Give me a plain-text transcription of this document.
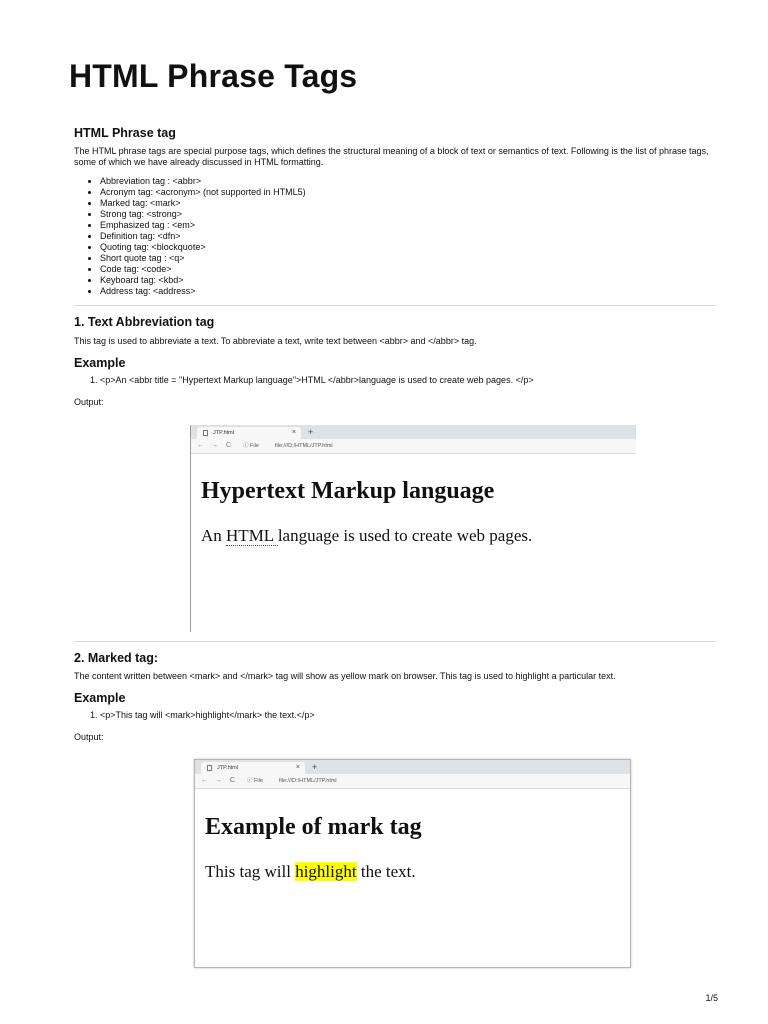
HTML Phrase Tags
HTML Phrase tag

The HTML phrase tags are special purpose tags, which defines the structural meaning of a block of text or semantics of text. Following is the list of phrase tags, some of which we have already discussed in HTML formatting.

• Abbreviation tag : <abbr>
• Acronym tag: <acronym> (not supported in HTML5)
• Marked tag: <mark>
• Strong tag: <strong>
• Emphasized tag : <em>
• Definition tag: <dfn>
• Quoting tag: <blockquote>
• Short quote tag : <q>
• Code tag: <code>
• Keyboard tag: <kbd>
• Address tag: <address>
1. Text Abbreviation tag

This tag is used to abbreviate a text. To abbreviate a text, write text between <abbr> and </abbr> tag.

Example
1. <p>An <abbr title = "Hypertext Markup language">HTML </abbr>language is used to create web pages. </p>

Output:

JTP.html	× +
← → C ⓘ File	file:///D:/HTML/JTP.html
Hypertext Markup language

An HTML language is used to create web pages.

2. Marked tag:

The content written between <mark> and </mark> tag will show as yellow mark on browser. This tag is used to highlight a particular text.

Example
1. <p>This tag will <mark>highlight</mark> the text.</p>

Output:

JTP.html	× +
← → C ⓘ File	file:///D:/HTML/JTP.html
Example of mark tag

This tag will highlight the text.

1/5
